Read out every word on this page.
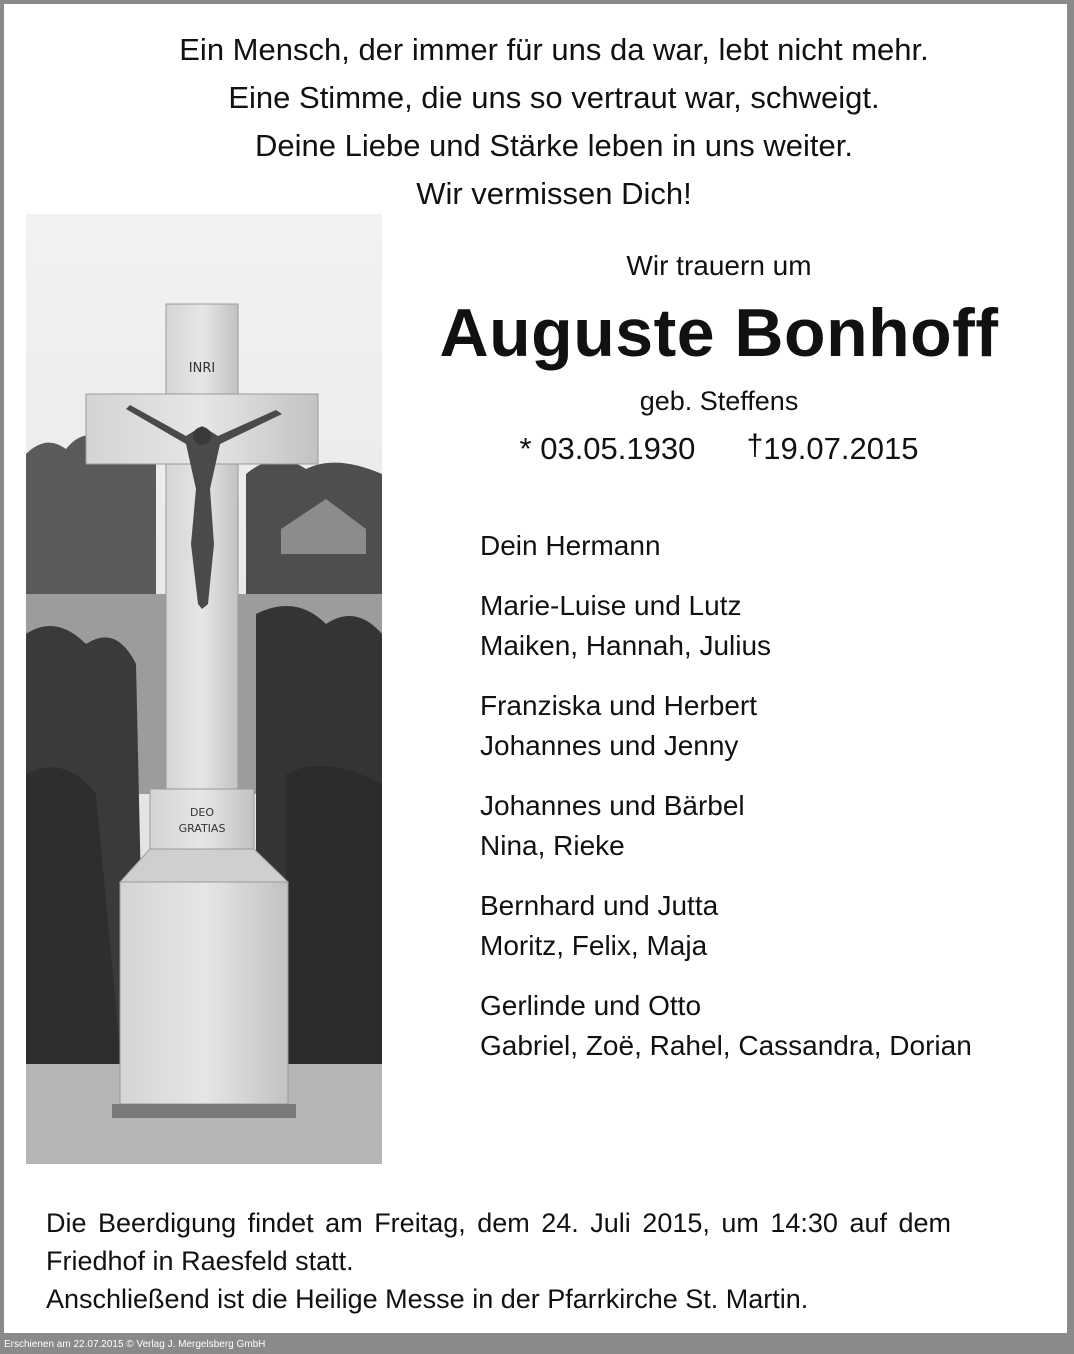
Ein Mensch, der immer für uns da war, lebt nicht mehr.
Eine Stimme, die uns so vertraut war, schweigt.
Deine Liebe und Stärke leben in uns weiter.
Wir vermissen Dich!
INRI
DEO
GRATIAS
Wir trauern um
Auguste Bonhoff
geb. Steffens
* 03.05.1930 †19.07.2015
Dein Hermann
Marie-Luise und Lutz
Maiken, Hannah, Julius
Franziska und Herbert
Johannes und Jenny
Johannes und Bärbel
Nina, Rieke
Bernhard und Jutta
Moritz, Felix, Maja
Gerlinde und Otto
Gabriel, Zoë, Rahel, Cassandra, Dorian
Die Beerdigung findet am Freitag, dem 24. Juli 2015, um 14:30 auf dem
Friedhof in Raesfeld statt.
Anschließend ist die Heilige Messe in der Pfarrkirche St. Martin.
Erschienen am 22.07.2015 © Verlag J. Mergelsberg GmbH
